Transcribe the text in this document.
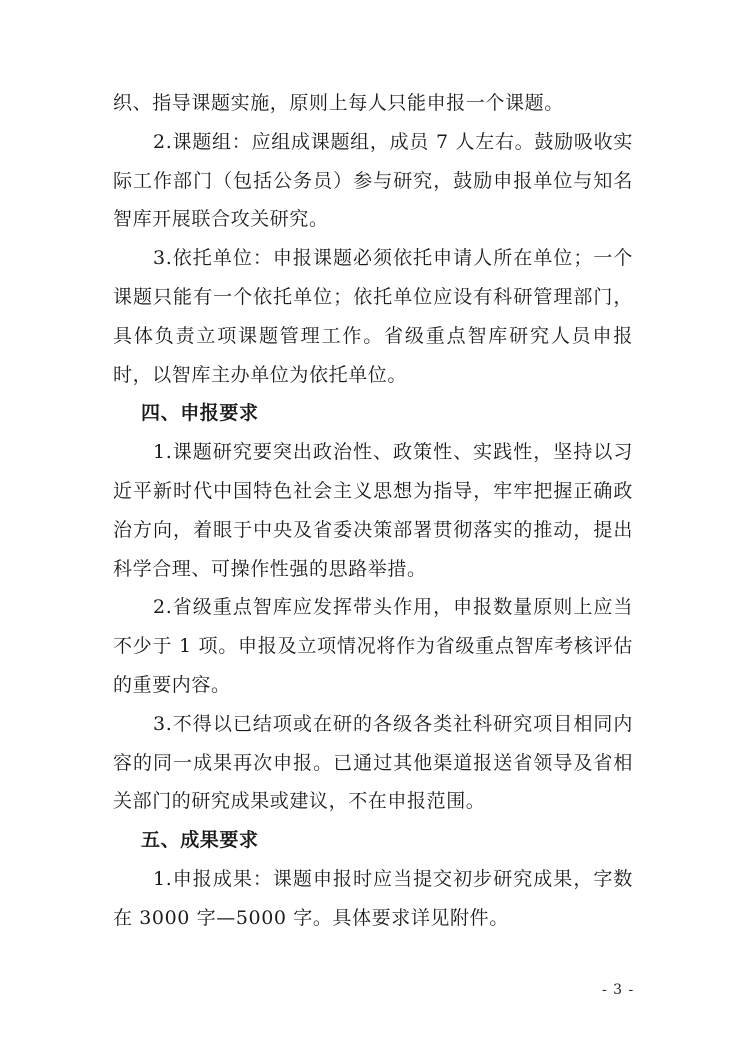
织、指导课题实施，原则上每人只能申报一个课题。

2.课题组：应组成课题组，成员 7 人左右。鼓励吸收实际工作部门（包括公务员）参与研究，鼓励申报单位与知名智库开展联合攻关研究。

3.依托单位：申报课题必须依托申请人所在单位；一个课题只能有一个依托单位；依托单位应设有科研管理部门，具体负责立项课题管理工作。省级重点智库研究人员申报时，以智库主办单位为依托单位。

四、申报要求

1.课题研究要突出政治性、政策性、实践性，坚持以习近平新时代中国特色社会主义思想为指导，牢牢把握正确政治方向，着眼于中央及省委决策部署贯彻落实的推动，提出科学合理、可操作性强的思路举措。

2.省级重点智库应发挥带头作用，申报数量原则上应当不少于 1 项。申报及立项情况将作为省级重点智库考核评估的重要内容。

3.不得以已结项或在研的各级各类社科研究项目相同内容的同一成果再次申报。已通过其他渠道报送省领导及省相关部门的研究成果或建议，不在申报范围。

五、成果要求

1.申报成果：课题申报时应当提交初步研究成果，字数在 3000 字—5000 字。具体要求详见附件。

- 3 -
